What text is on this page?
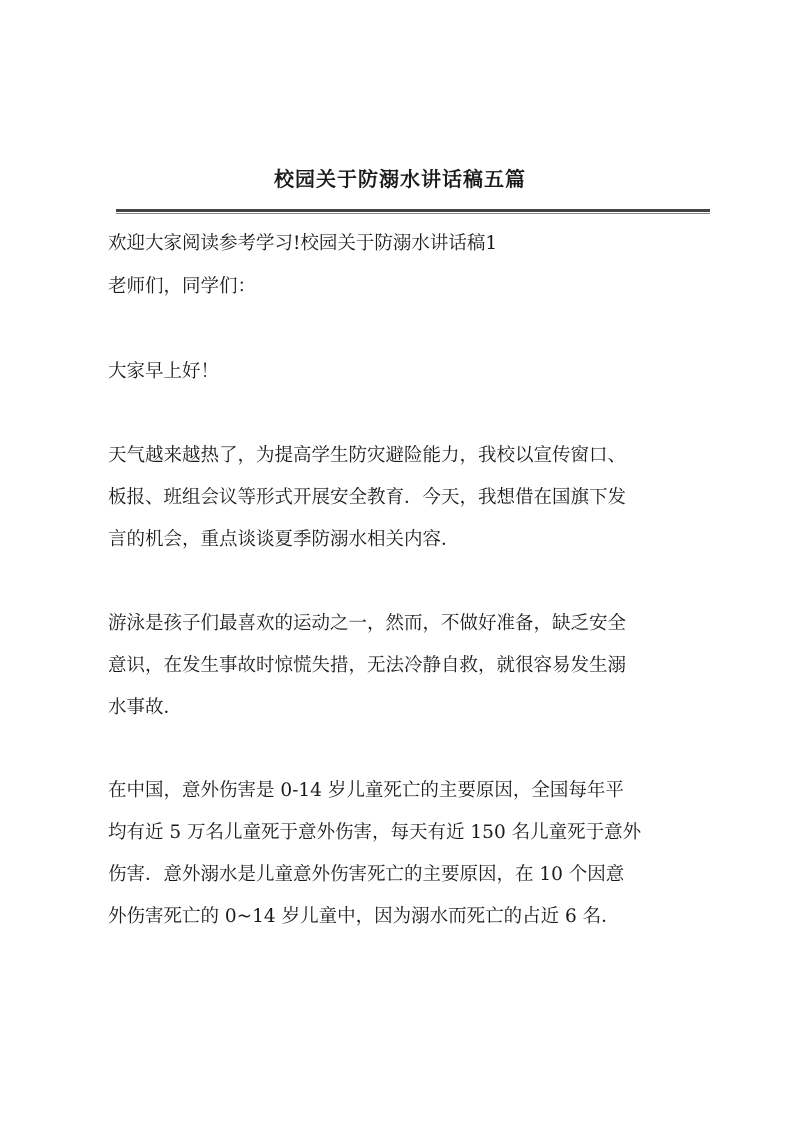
校园关于防溺水讲话稿五篇

欢迎大家阅读参考学习!校园关于防溺水讲话稿1

老师们，同学们：

大家早上好！

天气越来越热了，为提高学生防灾避险能力，我校以宣传窗口、

板报、班组会议等形式开展安全教育．今天，我想借在国旗下发

言的机会，重点谈谈夏季防溺水相关内容．

游泳是孩子们最喜欢的运动之一，然而，不做好准备，缺乏安全

意识，在发生事故时惊慌失措，无法冷静自救，就很容易发生溺

水事故．

在中国，意外伤害是 0-14 岁儿童死亡的主要原因，全国每年平

均有近 5 万名儿童死于意外伤害，每天有近 150 名儿童死于意外

伤害．意外溺水是儿童意外伤害死亡的主要原因，在 10 个因意

外伤害死亡的 0~14 岁儿童中，因为溺水而死亡的占近 6 名．
